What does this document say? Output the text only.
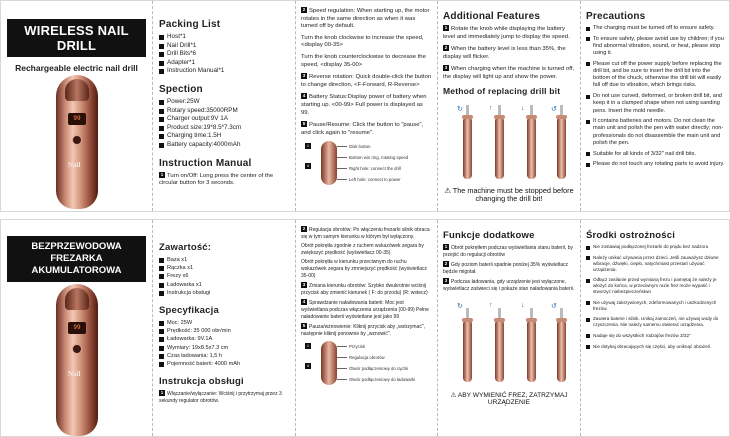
WIRELESS NAIL DRILL
Rechargeable electric nail drill
99
Nail
Packing List
Host*1
Nail Drill*1
Drill Bits*6
Adapter*1
Instruction Manual*1
Spection
Power:25W
Rotary speed:35000RPM
Charger output:9V 1A
Product size:19*8.5*7.3cm
Charging time:1.5H
Battery capacity:4000mAh
Instruction Manual

1 Turn on/Off: Long press the center of the circular button for 3 seconds.

2 Speed regulation: When starting up, the motor rotates in the same direction as when it was turned off by default.

Turn the knob clockwise to increase the speed, <display 00-35>

Turn the knob counterclockwise to decrease the speed, <display 35-00>

3 Reverse rotation: Quick double-click the button to change direction, <F-Forward, R-Reverse>

4 Battery Status:Display power of battery when starting up. <00-99> Full power is displayed as 99.

5 Pause/Resume: Click the button to "pause", and click again to "resume".

1
4
Disk button
Bottom win ring, rotating speed
Right hole: connect the drill
Left hole: connect to power
Additional Features

1 Rotate the knob while displaying the battery level and immediately jump to display the speed.

2 When the battery level is less than 35%, the display will flicker.

3 When charging when the machine is turned off, the display will light up and show the power.

Method of replacing drill bit
↻	↑	↓	↺
⚠ The machine must be stopped before changing the drill bit!
Precautions
The charging must be turned off to ensure safety.
To ensure safety, please avoid use by children; if you find abnormal vibration, sound, or heat, please stop using it.
Please cut off the power supply before replacing the drill bit, and be sure to insert the drill bit into the bottom of the chuck, otherwise the drill bit will easily fall off due to vibration, which brings risks.
Do not use curved, deformed, or broken drill bit, and keep it in a clamped shape when not using sanding pens. Insert the mold needle.
It contains batteries and motors. Do not clean the main unit and polish the pen with water directly; non-professionals do not disassemble the main unit and polish the pen.
Suitable for all kinds of 3/32" nail drill bits.
Please do not touch any rotating parts to avoid injury.
BEZPRZEWODOWA FREZARKA AKUMULATOROWA
99
Nail
Zawartość:
Baza x1
Rączka x1
Frezy x6
Ładowarka x1
Instrukcja obsługi
Specyfikacja
Moc: 25W
Prędkość: 35 000 obr/min
Ładowarka: 9V.1A
Wymiary: 19x8.5x7.3 cm
Czas ładowania: 1,5 h
Pojemność baterii: 4000 mAh
Instrukcja obsługi

1 Włączanie/wyłączanie: Wciśnij i przytrzymaj przez 3 sekundy regulator obrotów.

2 Regulacja obrotów: Po włączeniu frezarki silnik obraca się w tym samym kierunku w którym był wyłączony.

Obrót pokrętła zgodnie z ruchem wskazówek zegara by zwiększyć prędkość (wyświetlacz 00-35)

Obrót pokrętła w kierunku przeciwnym do ruchu wskazówek zegara by zmniejszyć prędkość (wyświetlacz 35-00)

3 Zmiana kierunku obrotów: Szybko dwukrotnie wciśnij przycisk aby zmienić kierunek ( F: do przodu) (R: wstecz)

4 Sprawdzanie naładowania baterii: Moc jest wyświetlana podczas włączenia urządzenia (00-99) Pełne naładowanie baterii wyświetlane jest jako 99

5 Pauza/wznowienie: Kliknij przycisk aby „wstrzymać", następnie kliknij ponownie by „wznowić".

1
4
Przycisk
Regulacja obrotów
Otwór podłączeniowy do rączki
Otwór podłączeniowy do ładowarki
Funkcje dodatkowe

1 Obrót pokrętłem podczas wyświetlania stanu baterii, by przejść do regulacji obrotów

2 Gdy poziom baterii spadnie poniżej 35% wyświetlacz będzie migotał.

3 Podczas ładowania, gdy urządzenie jest wyłączone, wyświetlacz zaświeci się i pokaże stan naładowania baterii.

↻	↑	↓	↺
⚠ ABY WYMIENIĆ FREZ, ZATRZYMAJ URZĄDZENIE
Środki ostrożności
Nie zostawiaj podłączonej frezarki do prądu bez nadzoru
Należy unikać używania przez dzieci. Jeśli zauważysz dziwne wibracje, dźwięki, ciepło, natychmiast przestań używać urządzenia.
Odłącz zasilanie przed wymianą frezu i pamiętaj że należy je włożyć do końca, w przeciwnym razie frez może wypaść i stworzyć niebezpieczeństwo
Nie używaj zakrzywionych, zdeformowanych i uszkodzonych frezów.
Zawiera baterie i silnik. Unikaj zamoczeń, nie używaj wody do czyszczenia. Nie należy samemu otwierać urządzenia.
Nadaje się do wszystkich rodzajów frezów 3/32"
Nie dotykaj obracających się części, aby uniknąć obrażeń.
